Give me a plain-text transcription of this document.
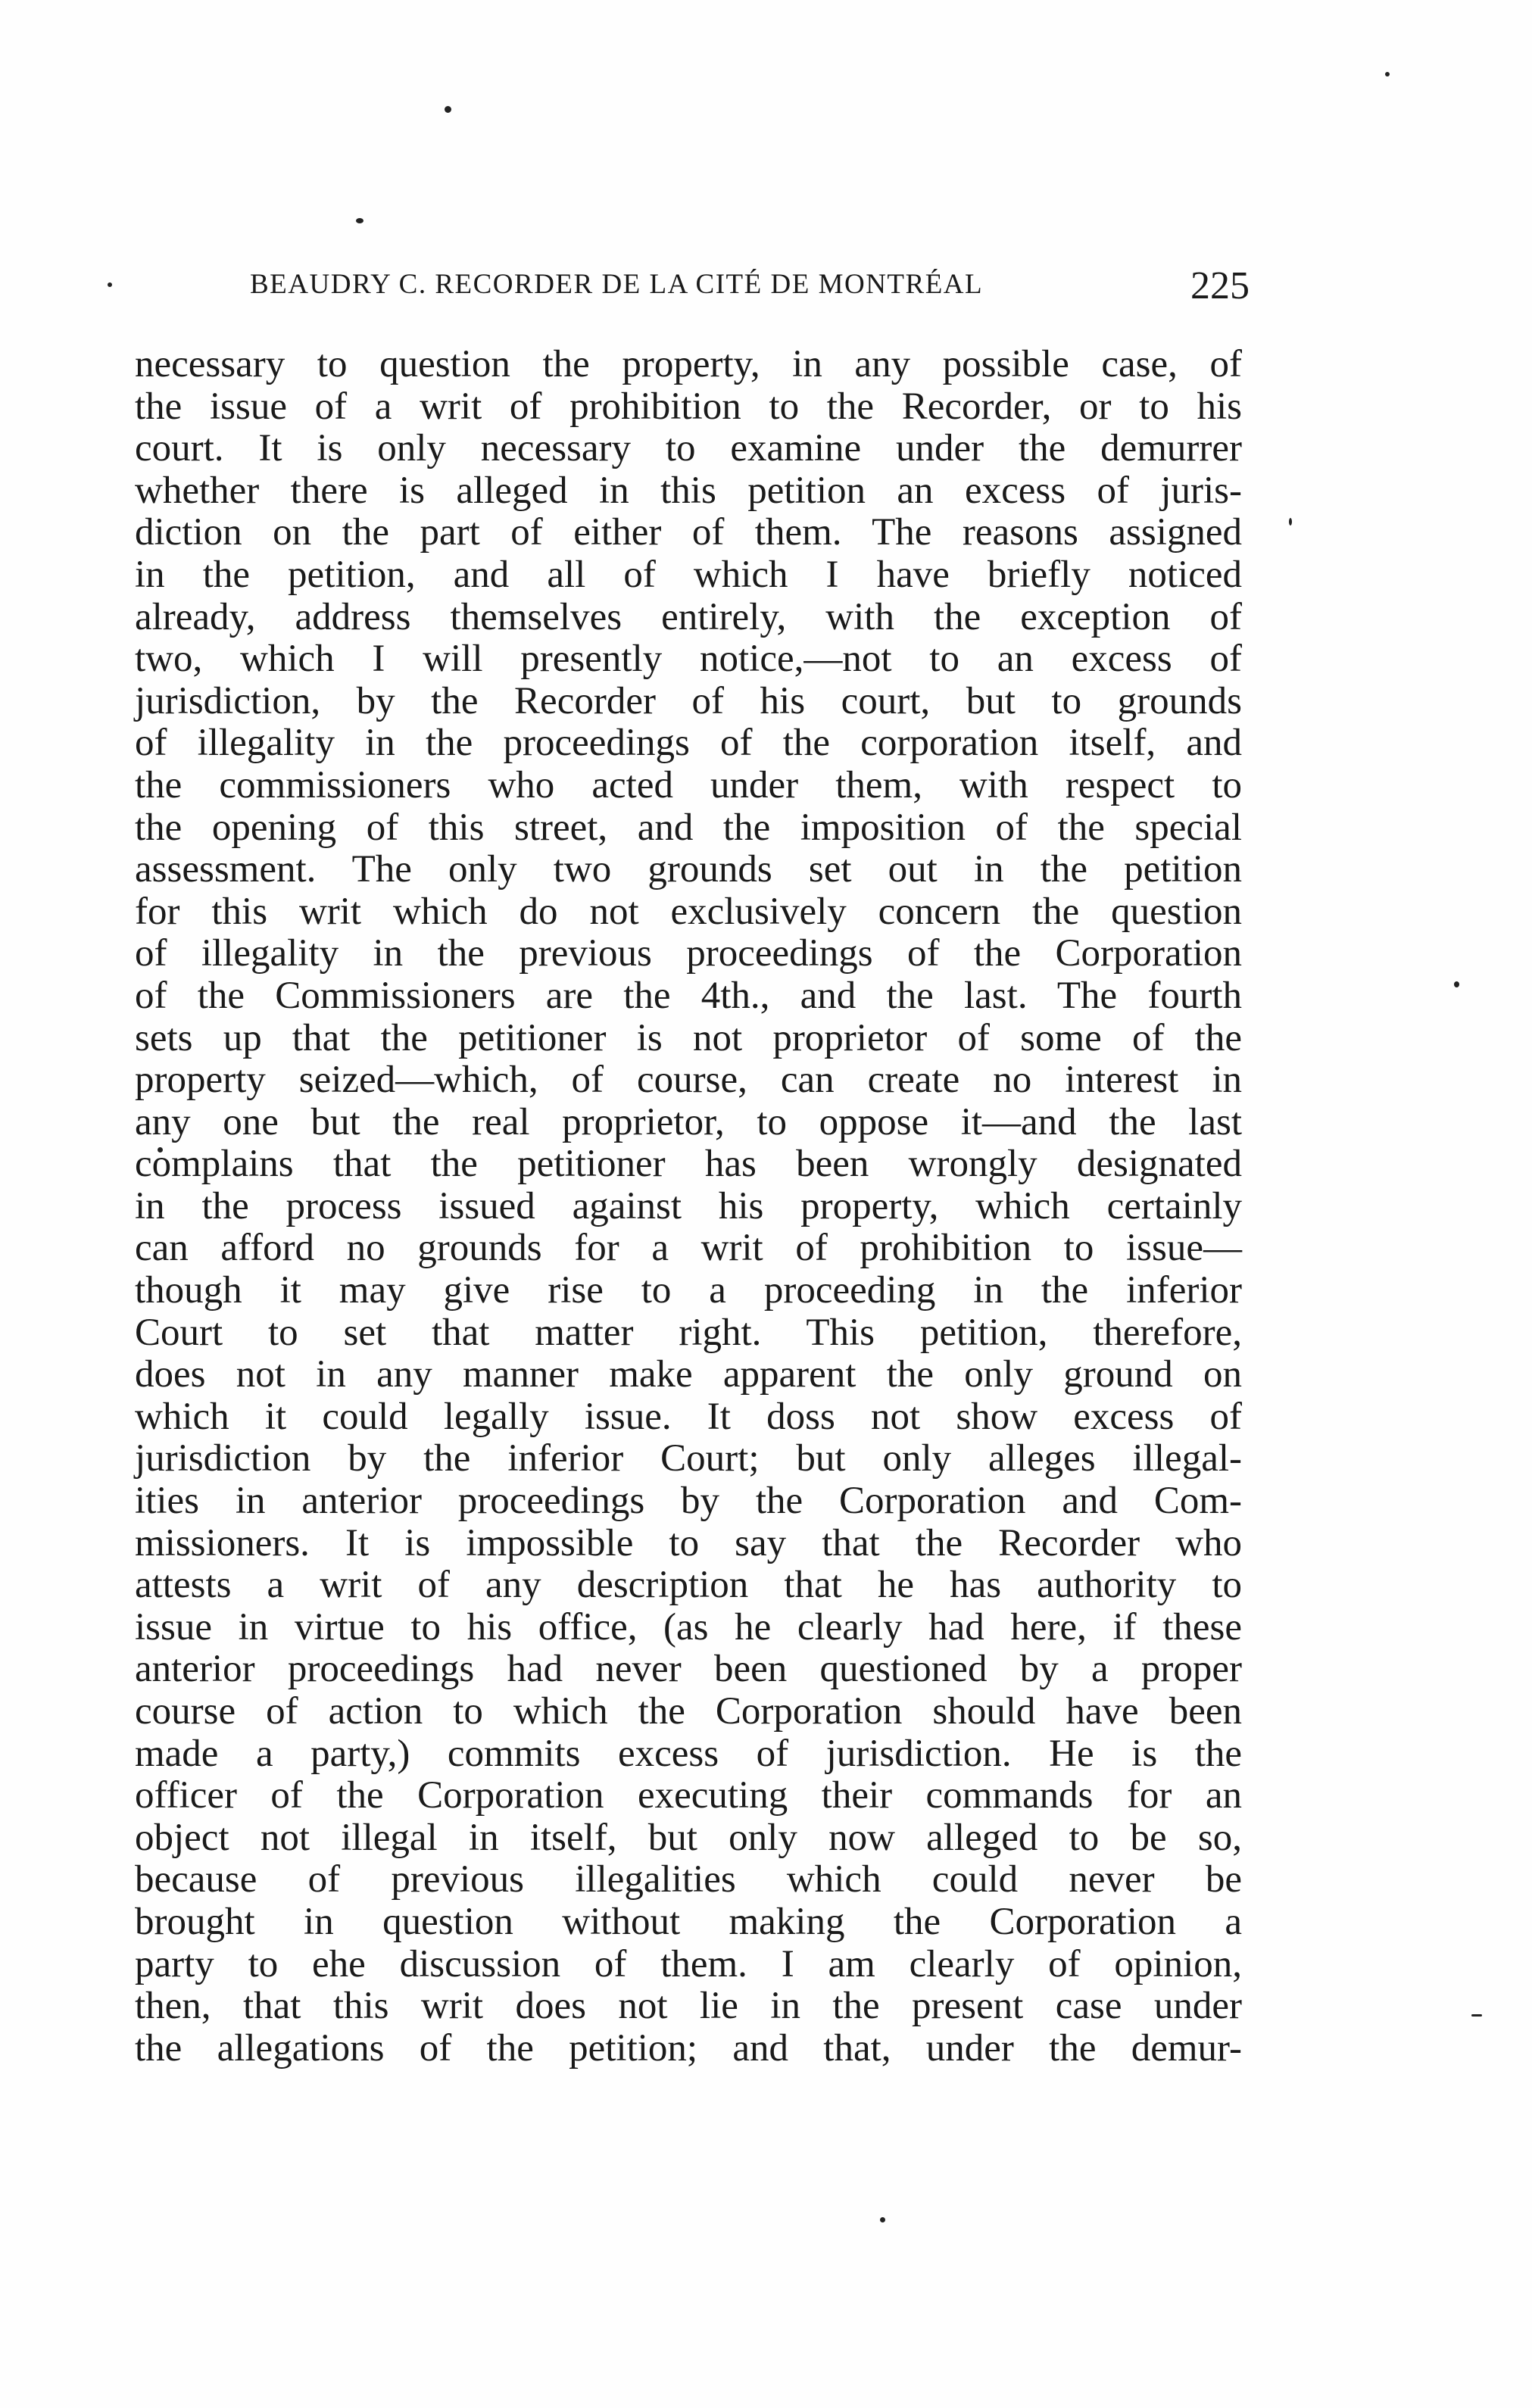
BEAUDRY C. RECORDER DE LA CITÉ DE MONTRÉAL	225
necessary to question the property, in any possible case, of
the issue of a writ of prohibition to the Recorder, or to his
court. It is only necessary to examine under the demurrer
whether there is alleged in this petition an excess of juris-
diction on the part of either of them. The reasons assigned
in the petition, and all of which I have briefly noticed
already, address themselves entirely, with the exception of
two, which I will presently notice,—not to an excess of
jurisdiction, by the Recorder of his court, but to grounds
of illegality in the proceedings of the corporation itself, and
the commissioners who acted under them, with respect to
the opening of this street, and the imposition of the special
assessment. The only two grounds set out in the petition
for this writ which do not exclusively concern the question
of illegality in the previous proceedings of the Corporation
of the Commissioners are the 4th., and the last. The fourth
sets up that the petitioner is not proprietor of some of the
property seized—which, of course, can create no interest in
any one but the real proprietor, to oppose it—and the last
complains that the petitioner has been wrongly designated
in the process issued against his property, which certainly
can afford no grounds for a writ of prohibition to issue—
though it may give rise to a proceeding in the inferior
Court to set that matter right. This petition, therefore,
does not in any manner make apparent the only ground on
which it could legally issue. It doss not show excess of
jurisdiction by the inferior Court; but only alleges illegal-
ities in anterior proceedings by the Corporation and Com-
missioners. It is impossible to say that the Recorder who
attests a writ of any description that he has authority to
issue in virtue to his office, (as he clearly had here, if these
anterior proceedings had never been questioned by a proper
course of action to which the Corporation should have been
made a party,) commits excess of jurisdiction. He is the
officer of the Corporation executing their commands for an
object not illegal in itself, but only now alleged to be so,
because of previous illegalities which could never be
brought in question without making the Corporation a
party to ehe discussion of them. I am clearly of opinion,
then, that this writ does not lie in the present case under
the allegations of the petition; and that, under the demur-
